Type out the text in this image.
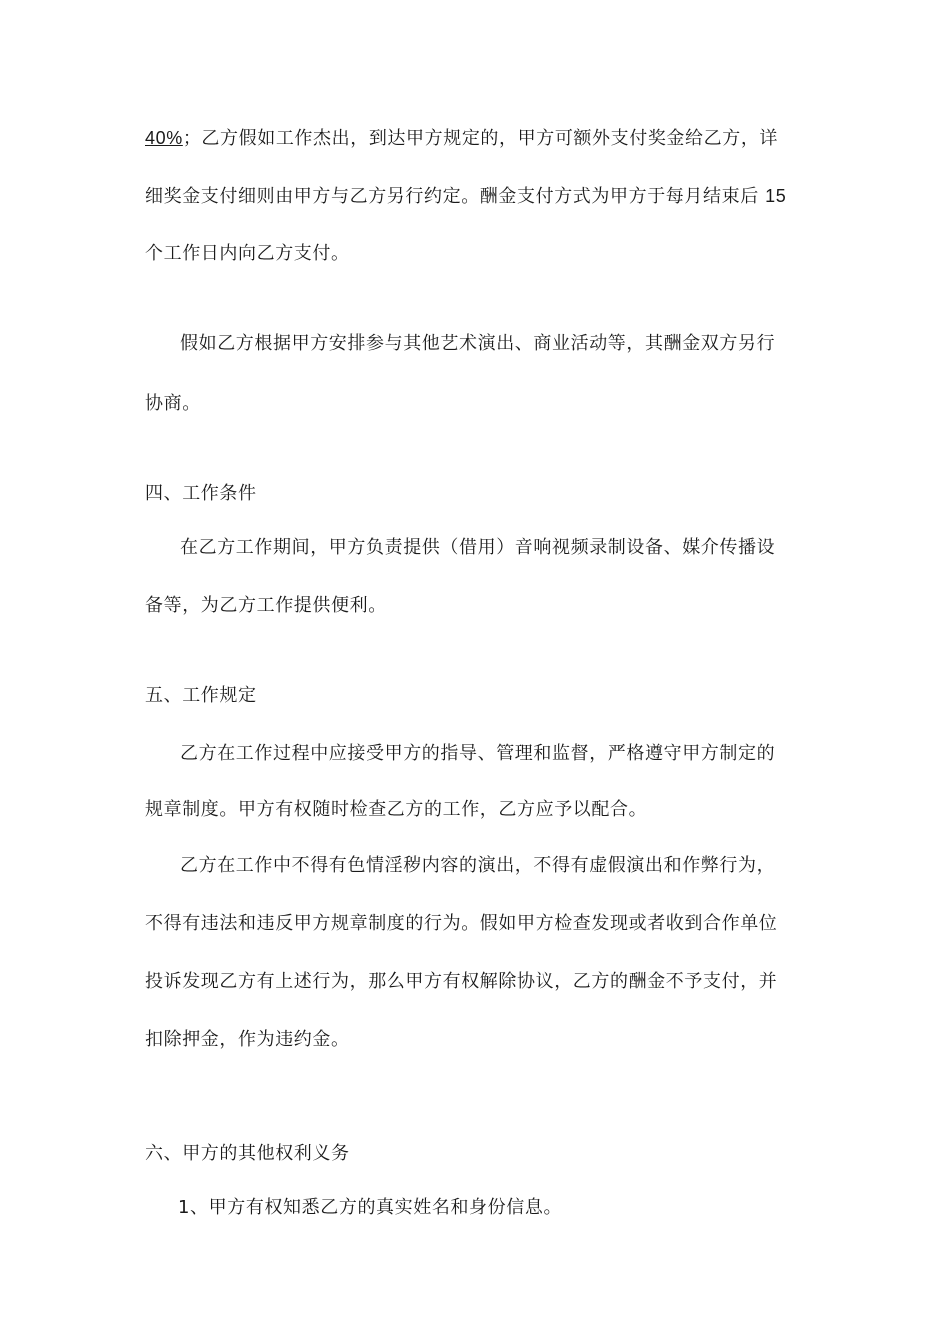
40%；乙方假如工作杰出，到达甲方规定的，甲方可额外支付奖金给乙方，详
细奖金支付细则由甲方与乙方另行约定。酬金支付方式为甲方于每月结束后 15
个工作日内向乙方支付。
假如乙方根据甲方安排参与其他艺术演出、商业活动等，其酬金双方另行
协商。
四、工作条件
在乙方工作期间，甲方负责提供（借用）音响视频录制设备、媒介传播设
备等，为乙方工作提供便利。
五、工作规定
乙方在工作过程中应接受甲方的指导、管理和监督，严格遵守甲方制定的
规章制度。甲方有权随时检查乙方的工作，乙方应予以配合。
乙方在工作中不得有色情淫秽内容的演出，不得有虚假演出和作弊行为，
不得有违法和违反甲方规章制度的行为。假如甲方检查发现或者收到合作单位
投诉发现乙方有上述行为，那么甲方有权解除协议，乙方的酬金不予支付，并
扣除押金，作为违约金。
六、甲方的其他权利义务
1、甲方有权知悉乙方的真实姓名和身份信息。
